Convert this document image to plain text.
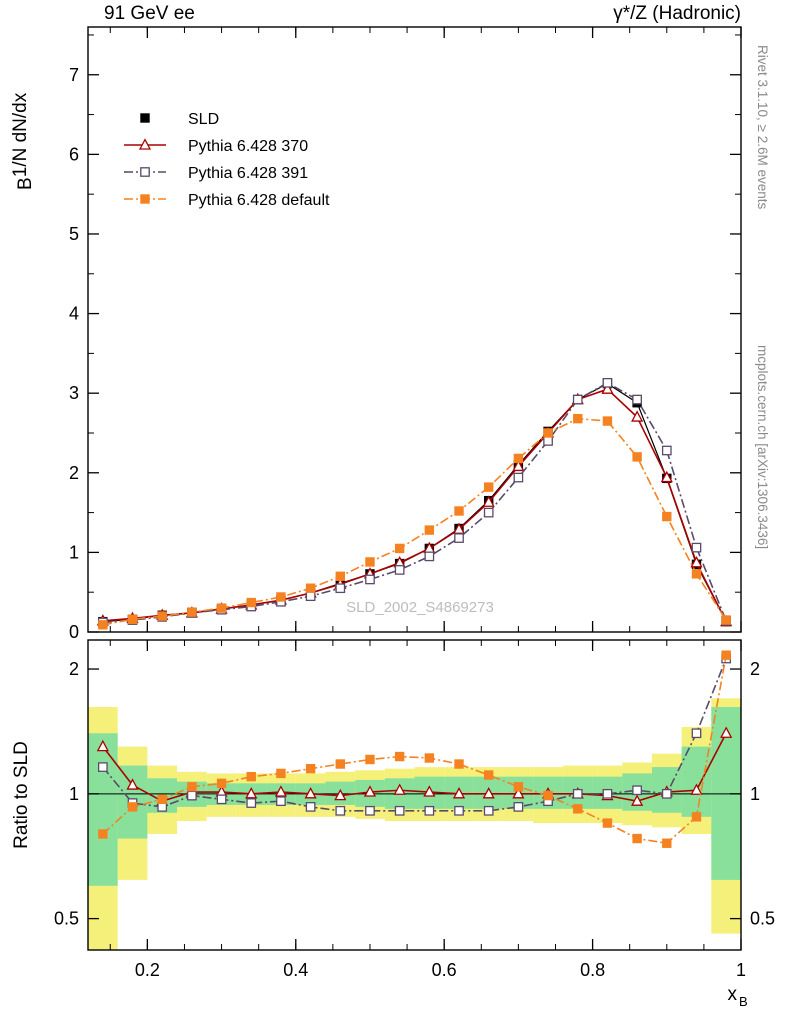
0
1
2
3
4
5
6
7
0.5	0.5
1	1
2	2
0.2	0.4	0.6	0.8	1
91 GeV ee	γ*/Z (Hadronic)
1/N dN/dx
B
Ratio to SLD
x B
Rivet 3.1.10, ≥ 2.6M events
mcplots.cern.ch [arXiv:1306.3436]
SLD_2002_S4869273
SLD
Pythia 6.428 370
Pythia 6.428 391
Pythia 6.428 default
